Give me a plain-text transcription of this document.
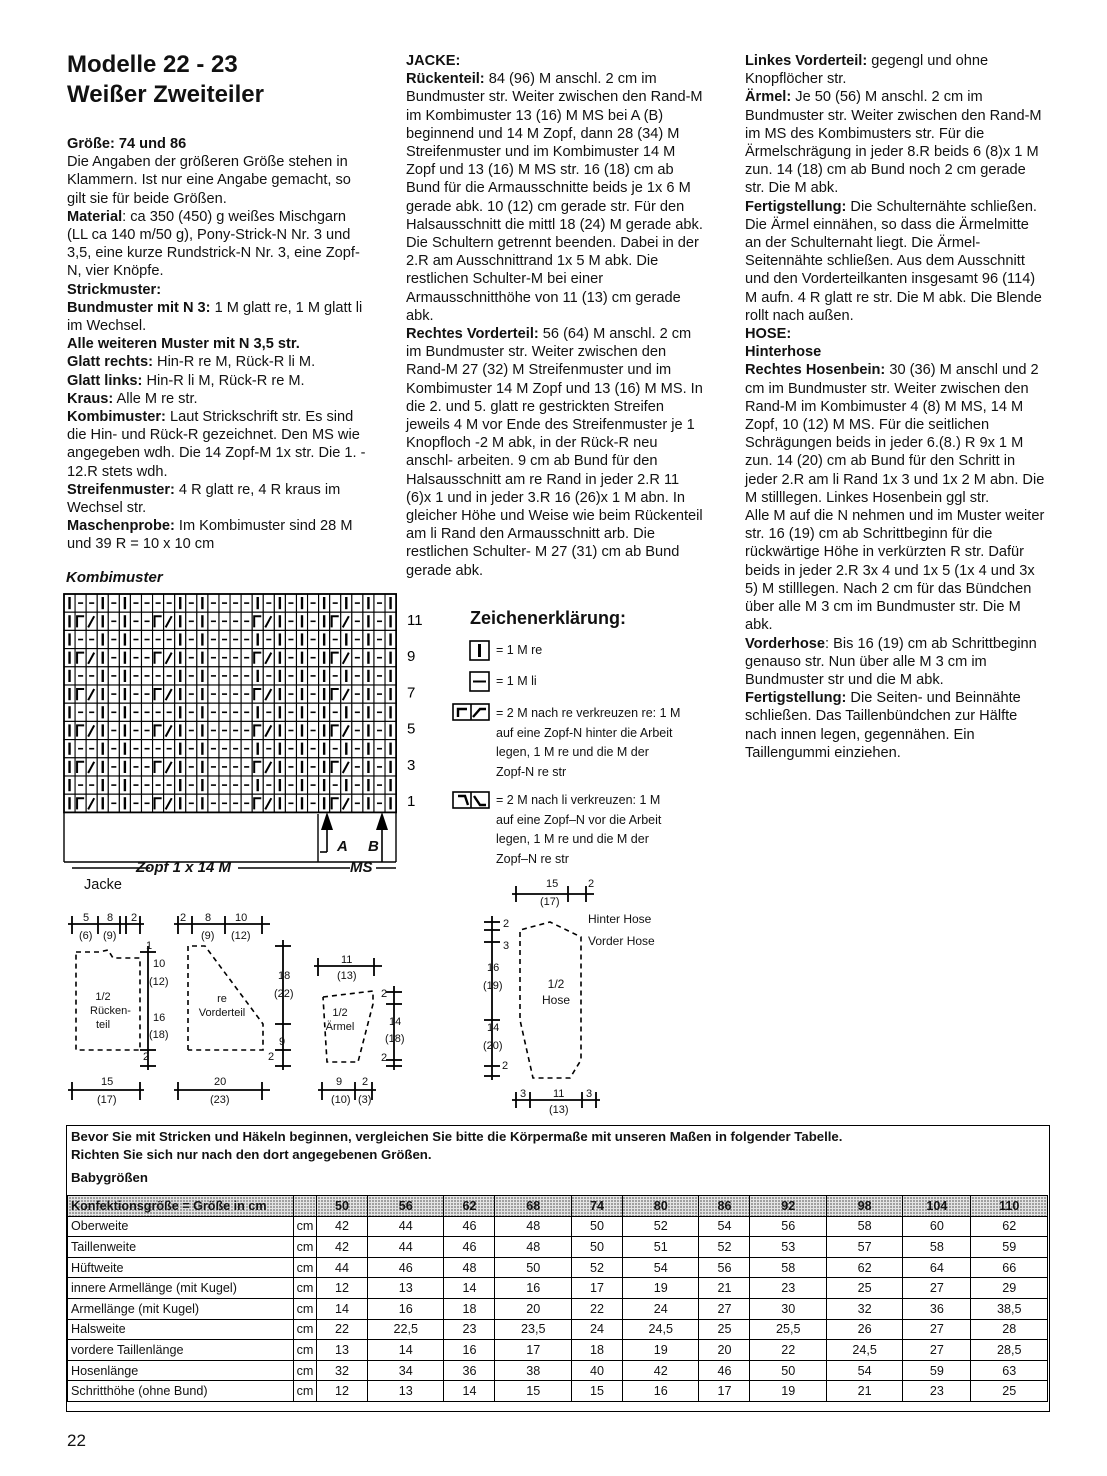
Modelle 22 - 23
Weißer Zweiteiler

Größe: 74 und 86

Die Angaben der größeren Größe stehen in Klammern. Ist nur eine Angabe gemacht, so gilt sie für beide Größen.

Material: ca 350 (450) g weißes Mischgarn (LL ca 140 m/50 g), Pony-Strick-N Nr. 3 und 3,5, eine kurze Rundstrick-N Nr. 3, eine Zopf-N, vier Knöpfe.

Strickmuster:

Bundmuster mit N 3: 1 M glatt re, 1 M glatt li im Wechsel.

Alle weiteren Muster mit N 3,5 str.

Glatt rechts: Hin-R re M, Rück-R li M.

Glatt links: Hin-R li M, Rück-R re M.

Kraus: Alle M re str.

Kombimuster: Laut Strickschrift str. Es sind die Hin- und Rück-R gezeichnet. Den MS wie angegeben wdh. Die 14 Zopf-M 1x str. Die 1. - 12.R stets wdh.

Streifenmuster: 4 R glatt re, 4 R kraus im Wechsel str.

Maschenprobe: Im Kombimuster sind 28 M und 39 R = 10 x 10 cm

JACKE:

Rückenteil: 84 (96) M anschl. 2 cm im Bundmuster str. Weiter zwischen den Rand-M im Kombimuster 13 (16) M MS bei A (B) beginnend und 14 M Zopf, dann 28 (34) M Streifenmuster und im Kombimuster 14 M Zopf und 13 (16) M MS str. 16 (18) cm ab Bund für die Armausschnitte beids je 1x 6 M gerade abk. 10 (12) cm gerade str. Für den Halsausschnitt die mittl 18 (24) M gerade abk. Die Schultern getrennt beenden. Dabei in der 2.R am Ausschnittrand 1x 5 M abk. Die restlichen Schulter-M bei einer Armausschnitthöhe von 11 (13) cm gerade abk.

Rechtes Vorderteil: 56 (64) M anschl. 2 cm im Bundmuster str. Weiter zwischen den Rand-M 27 (32) M Streifenmuster und im Kombimuster 14 M Zopf und 13 (16) M MS. In die 2. und 5. glatt re gestrickten Streifen jeweils 4 M vor Ende des Streifenmuster je 1 Knopfloch -2 M abk, in der Rück-R neu anschl- arbeiten. 9 cm ab Bund für den Halsausschnitt am re Rand in jeder 2.R 11 (6)x 1 und in jeder 3.R 16 (26)x 1 M abn. In gleicher Höhe und Weise wie beim Rückenteil am li Rand den Armausschnitt arb. Die restlichen Schulter- M 27 (31) cm ab Bund gerade abk.

Linkes Vorderteil: gegengl und ohne Knopflöcher str.

Ärmel: Je 50 (56) M anschl. 2 cm im Bundmuster str. Weiter zwischen den Rand-M im MS des Kombimusters str. Für die Ärmelschrägung in jeder 8.R beids 6 (8)x 1 M zun. 14 (18) cm ab Bund noch 2 cm gerade str. Die M abk.

Fertigstellung: Die Schulternähte schließen. Die Ärmel einnähen, so dass die Ärmelmitte an der Schulternaht liegt. Die Ärmel- Seitennähte schließen. Aus dem Ausschnitt und den Vorderteilkanten insgesamt 96 (114) M aufn. 4 R glatt re str. Die M abk. Die Blende rollt nach außen.

HOSE:

Hinterhose

Rechtes Hosenbein: 30 (36) M anschl und 2 cm im Bundmuster str. Weiter zwischen den Rand-M im Kombimuster 4 (8) M MS, 14 M Zopf, 10 (12) M MS. Für die seitlichen Schrägungen beids in jeder 6.(8.) R 9x 1 M zun. 14 (20) cm ab Bund für den Schritt in jeder 2.R am li Rand 1x 3 und 1x 2 M abn. Die M stilllegen. Linkes Hosenbein ggl str.

Alle M auf die N nehmen und im Muster weiter str. 16 (19) cm ab Schrittbeginn für die rückwärtige Höhe in verkürzten R str. Dafür beids in jeder 2.R 3x 4 und 1x 5 (1x 4 und 3x 5) M stilllegen. Nach 2 cm für das Bündchen über alle M 3 cm im Bundmuster str. Die M abk.

Vorderhose: Bis 16 (19) cm ab Schrittbeginn genauso str. Nun über alle M 3 cm im Bundmuster str und die M abk.

Fertigstellung: Die Seiten- und Beinnähte schließen. Das Taillenbündchen zur Hälfte nach innen legen, gegennähen. Ein Taillengummi einziehen.

Kombimuster
11
9
7
5
3
1
A B
Zopf 1 x 14 M	MS
Zeichenerklärung:
= 1 M re
= 1 M li
= 2 M nach re verkreuzen re: 1 M auf eine Zopf-N hinter die Arbeit legen, 1 M re und die M der Zopf-N re str
= 2 M nach li verkreuzen: 1 M auf eine Zopf–N vor die Arbeit legen, 1 M re und die M der Zopf–N re str
Jacke
1/2
Rücken-
teil
re
Vorderteil	1/2
Ärmel
1/2
Hose
Hinter Hose
Vorder Hose
5
(6)
8
(9)
2
1
10
(12)
16
(18)
2
15
(17)
2 8
(9)
10
(12)
18
(22)
9
2
20
(23)
11
(13)
2
14
(18)
2
9
(10)
2
(3)
15
(17)
2
2
3
16
(19)
14
(20)
2
3 11
(13)
3
Bevor Sie mit Stricken und Häkeln beginnen, vergleichen Sie bitte die Körpermaße mit unseren Maßen in folgender Tabelle.
Richten Sie sich nur nach den dort angegebenen Größen.
Babygrößen
Konfektionsgröße = Größe in cm		50	56	62	68	74	80	86	92	98	104	110
Oberweite	cm	42	44	46	48	50	52	54	56	58	60	62
Taillenweite	cm	42	44	46	48	50	51	52	53	57	58	59
Hüftweite	cm	44	46	48	50	52	54	56	58	62	64	66
innere Armellänge (mit Kugel)	cm	12	13	14	16	17	19	21	23	25	27	29
Armellänge (mit Kugel)	cm	14	16	18	20	22	24	27	30	32	36	38,5
Halsweite	cm	22	22,5	23	23,5	24	24,5	25	25,5	26	27	28
vordere Taillenlänge	cm	13	14	16	17	18	19	20	22	24,5	27	28,5
Hosenlänge	cm	32	34	36	38	40	42	46	50	54	59	63
Schritthöhe (ohne Bund)	cm	12	13	14	15	15	16	17	19	21	23	25
22
